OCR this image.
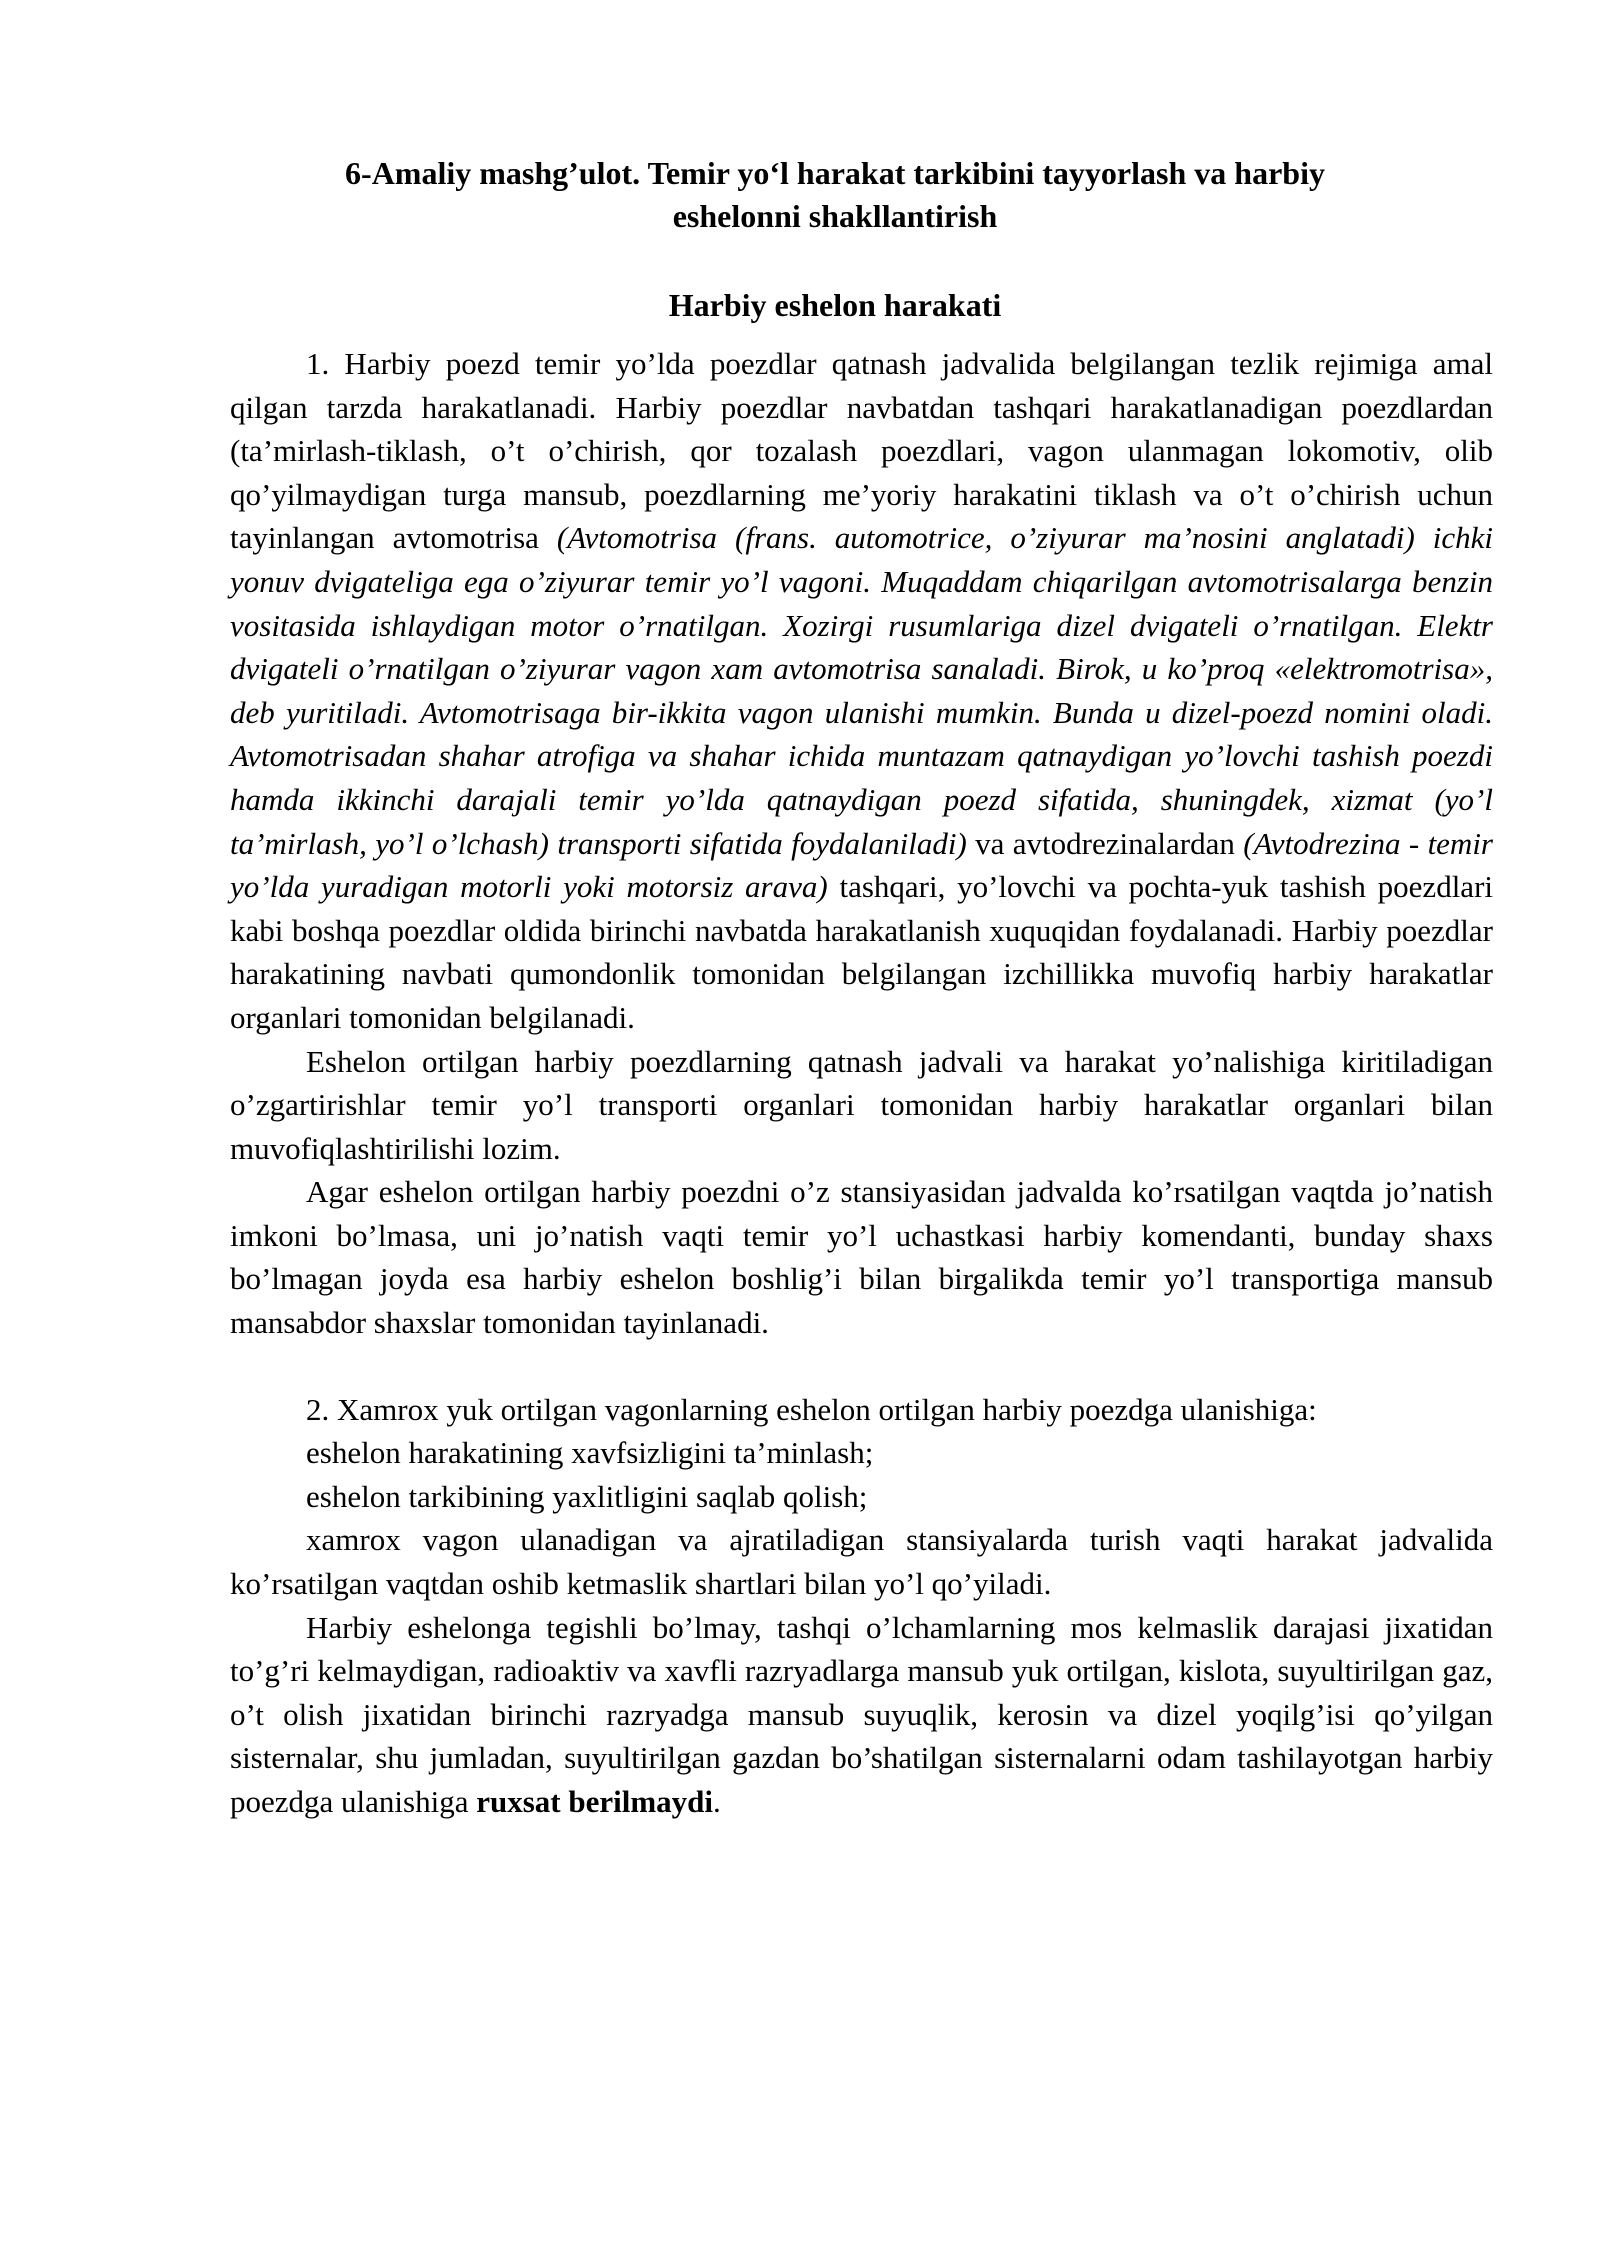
6-Amaliy mashg’ulot. Temir yo‘l harakat tarkibini tayyorlash va harbiy
eshelonni shakllantirish
Harbiy eshelon harakati

1. Harbiy poezd temir yo’lda poezdlar qatnash jadvalida belgilangan tezlik rejimiga amal qilgan tarzda harakatlanadi. Harbiy poezdlar navbatdan tashqari harakatlanadigan poezdlardan (ta’mirlash-tiklash, o’t o’chirish, qor tozalash poezdlari, vagon ulanmagan lokomotiv, olib qo’yilmaydigan turga mansub, poezdlarning me’yoriy harakatini tiklash va o’t o’chirish uchun tayinlangan avtomotrisa (Avtomotrisa (frans. automotrice, o’ziyurar ma’nosini anglatadi) ichki yonuv dvigateliga ega o’ziyurar temir yo’l vagoni. Muqaddam chiqarilgan avtomotrisalarga benzin vositasida ishlaydigan motor o’rnatilgan. Xozirgi rusumlariga dizel dvigateli o’rnatilgan. Elektr dvigateli o’rnatilgan o’ziyurar vagon xam avtomotrisa sanaladi. Birok, u ko’proq «elektromotrisa», deb yuritiladi. Avtomotrisaga bir-ikkita vagon ulanishi mumkin. Bunda u dizel-poezd nomini oladi. Avtomotrisadan shahar atrofiga va shahar ichida muntazam qatnaydigan yo’lovchi tashish poezdi hamda ikkinchi darajali temir yo’lda qatnaydigan poezd sifatida, shuningdek, xizmat (yo’l ta’mirlash, yo’l o’lchash) transporti sifatida foydalaniladi) va avtodrezinalardan (Avtodrezina - temir yo’lda yuradigan motorli yoki motorsiz arava) tashqari, yo’lovchi va pochta-yuk tashish poezdlari kabi boshqa poezdlar oldida birinchi navbatda harakatlanish xuquqidan foydalanadi. Harbiy poezdlar harakatining navbati qumondonlik tomonidan belgilangan izchillikka muvofiq harbiy harakatlar organlari tomonidan belgilanadi.

Eshelon ortilgan harbiy poezdlarning qatnash jadvali va harakat yo’nalishiga kiritiladigan o’zgartirishlar temir yo’l transporti organlari tomonidan harbiy harakatlar organlari bilan muvofiqlashtirilishi lozim.

Agar eshelon ortilgan harbiy poezdni o’z stansiyasidan jadvalda ko’rsatilgan vaqtda jo’natish imkoni bo’lmasa, uni jo’natish vaqti temir yo’l uchastkasi harbiy komendanti, bunday shaxs bo’lmagan joyda esa harbiy eshelon boshlig’i bilan birgalikda temir yo’l transportiga mansub mansabdor shaxslar tomonidan tayinlanadi.

2. Xamrox yuk ortilgan vagonlarning eshelon ortilgan harbiy poezdga ulanishiga:

eshelon harakatining xavfsizligini ta’minlash;

eshelon tarkibining yaxlitligini saqlab qolish;

xamrox vagon ulanadigan va ajratiladigan stansiyalarda turish vaqti harakat jadvalida ko’rsatilgan vaqtdan oshib ketmaslik shartlari bilan yo’l qo’yiladi.

Harbiy eshelonga tegishli bo’lmay, tashqi o’lchamlarning mos kelmaslik darajasi jixatidan to’g’ri kelmaydigan, radioaktiv va xavfli razryadlarga mansub yuk ortilgan, kislota, suyultirilgan gaz, o’t olish jixatidan birinchi razryadga mansub suyuqlik, kerosin va dizel yoqilg’isi qo’yilgan sisternalar, shu jumladan, suyultirilgan gazdan bo’shatilgan sisternalarni odam tashilayotgan harbiy poezdga ulanishiga ruxsat berilmaydi.
